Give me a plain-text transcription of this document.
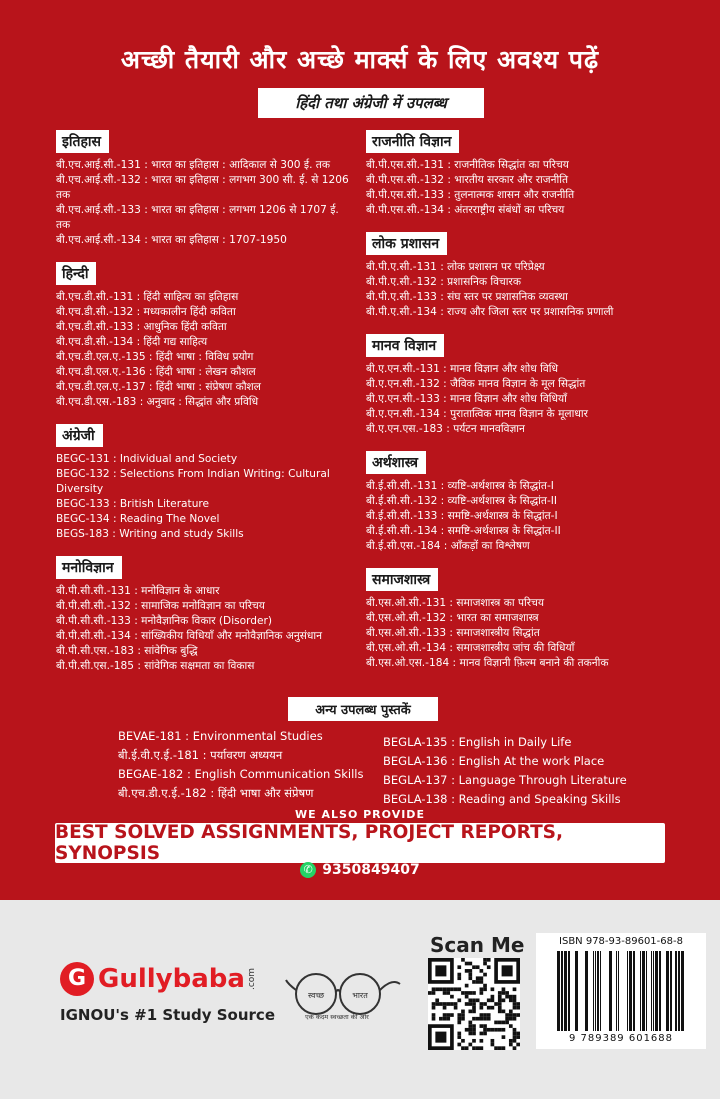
अच्छी तैयारी और अच्छे मार्क्स के लिए अवश्य पढ़ें
हिंदी तथा अंग्रेजी में उपलब्ध
इतिहास
बी.एच.आई.सी.-131 : भारत का इतिहास : आदिकाल से 300 ई. तक
बी.एच.आई.सी.-132 : भारत का इतिहास : लगभग 300 सी. ई. से 1206 तक
बी.एच.आई.सी.-133 : भारत का इतिहास : लगभग 1206 से 1707 ई. तक
बी.एच.आई.सी.-134 : भारत का इतिहास : 1707-1950
हिन्दी
बी.एच.डी.सी.-131 : हिंदी साहित्य का इतिहास
बी.एच.डी.सी.-132 : मध्यकालीन हिंदी कविता
बी.एच.डी.सी.-133 : आधुनिक हिंदी कविता
बी.एच.डी.सी.-134 : हिंदी गद्य साहित्य
बी.एच.डी.एल.ए.-135 : हिंदी भाषा : विविध प्रयोग
बी.एच.डी.एल.ए.-136 : हिंदी भाषा : लेखन कौशल
बी.एच.डी.एल.ए.-137 : हिंदी भाषा : संप्रेषण कौशल
बी.एच.डी.एस.-183 : अनुवाद : सिद्धांत और प्रविधि
अंग्रेजी
BEGC-131 : Individual and Society
BEGC-132 : Selections From Indian Writing: Cultural Diversity
BEGC-133 : British Literature
BEGC-134 : Reading The Novel
BEGS-183 : Writing and study Skills
मनोविज्ञान
बी.पी.सी.सी.-131 : मनोविज्ञान के आधार
बी.पी.सी.सी.-132 : सामाजिक मनोविज्ञान का परिचय
बी.पी.सी.सी.-133 : मनोवैज्ञानिक विकार (Disorder)
बी.पी.सी.सी.-134 : सांख्यिकीय विधियाँ और मनोवैज्ञानिक अनुसंधान
बी.पी.सी.एस.-183 : सांवेगिक बुद्धि
बी.पी.सी.एस.-185 : सांवेगिक सक्षमता का विकास
राजनीति विज्ञान
बी.पी.एस.सी.-131 : राजनीतिक सिद्धांत का परिचय
बी.पी.एस.सी.-132 : भारतीय सरकार और राजनीति
बी.पी.एस.सी.-133 : तुलनात्मक शासन और राजनीति
बी.पी.एस.सी.-134 : अंतरराष्ट्रीय संबंधों का परिचय
लोक प्रशासन
बी.पी.ए.सी.-131 : लोक प्रशासन पर परिप्रेक्ष्य
बी.पी.ए.सी.-132 : प्रशासनिक विचारक
बी.पी.ए.सी.-133 : संघ स्तर पर प्रशासनिक व्यवस्था
बी.पी.ए.सी.-134 : राज्य और जिला स्तर पर प्रशासनिक प्रणाली
मानव विज्ञान
बी.ए.एन.सी.-131 : मानव विज्ञान और शोध विधि
बी.ए.एन.सी.-132 : जैविक मानव विज्ञान के मूल सिद्धांत
बी.ए.एन.सी.-133 : मानव विज्ञान और शोध विधियाँ
बी.ए.एन.सी.-134 : पुरातात्विक मानव विज्ञान के मूलाधार
बी.ए.एन.एस.-183 : पर्यटन मानवविज्ञान
अर्थशास्त्र
बी.ई.सी.सी.-131 : व्यष्टि-अर्थशास्त्र के सिद्धांत-I
बी.ई.सी.सी.-132 : व्यष्टि-अर्थशास्त्र के सिद्धांत-II
बी.ई.सी.सी.-133 : समष्टि-अर्थशास्त्र के सिद्धांत-I
बी.ई.सी.सी.-134 : समष्टि-अर्थशास्त्र के सिद्धांत-II
बी.ई.सी.एस.-184 : आँकड़ों का विश्लेषण
समाजशास्त्र
बी.एस.ओ.सी.-131 : समाजशास्त्र का परिचय
बी.एस.ओ.सी.-132 : भारत का समाजशास्त्र
बी.एस.ओ.सी.-133 : समाजशास्त्रीय सिद्धांत
बी.एस.ओ.सी.-134 : समाजशास्त्रीय जांच की विधियाँ
बी.एस.ओ.एस.-184 : मानव विज्ञानी फ़िल्म बनाने की तकनीक
अन्य उपलब्ध पुस्तकें
BEVAE-181 : Environmental Studies
बी.ई.वी.ए.ई.-181 : पर्यावरण अध्ययन
BEGAE-182 : English Communication Skills
बी.एच.डी.ए.ई.-182 : हिंदी भाषा और संप्रेषण
BEGLA-135 : English in Daily Life
BEGLA-136 : English At the work Place
BEGLA-137 : Language Through Literature
BEGLA-138 : Reading and Speaking Skills
WE ALSO PROVIDE
BEST SOLVED ASSIGNMENTS, PROJECT REPORTS, SYNOPSIS
✆ 9350849407
G Gullybaba .com
IGNOU's #1 Study Source
स्वच्छ	भारत
एक कदम स्वच्छता की ओर
Scan Me	ISBN 978-93-89601-68-8
9 789389 601688
